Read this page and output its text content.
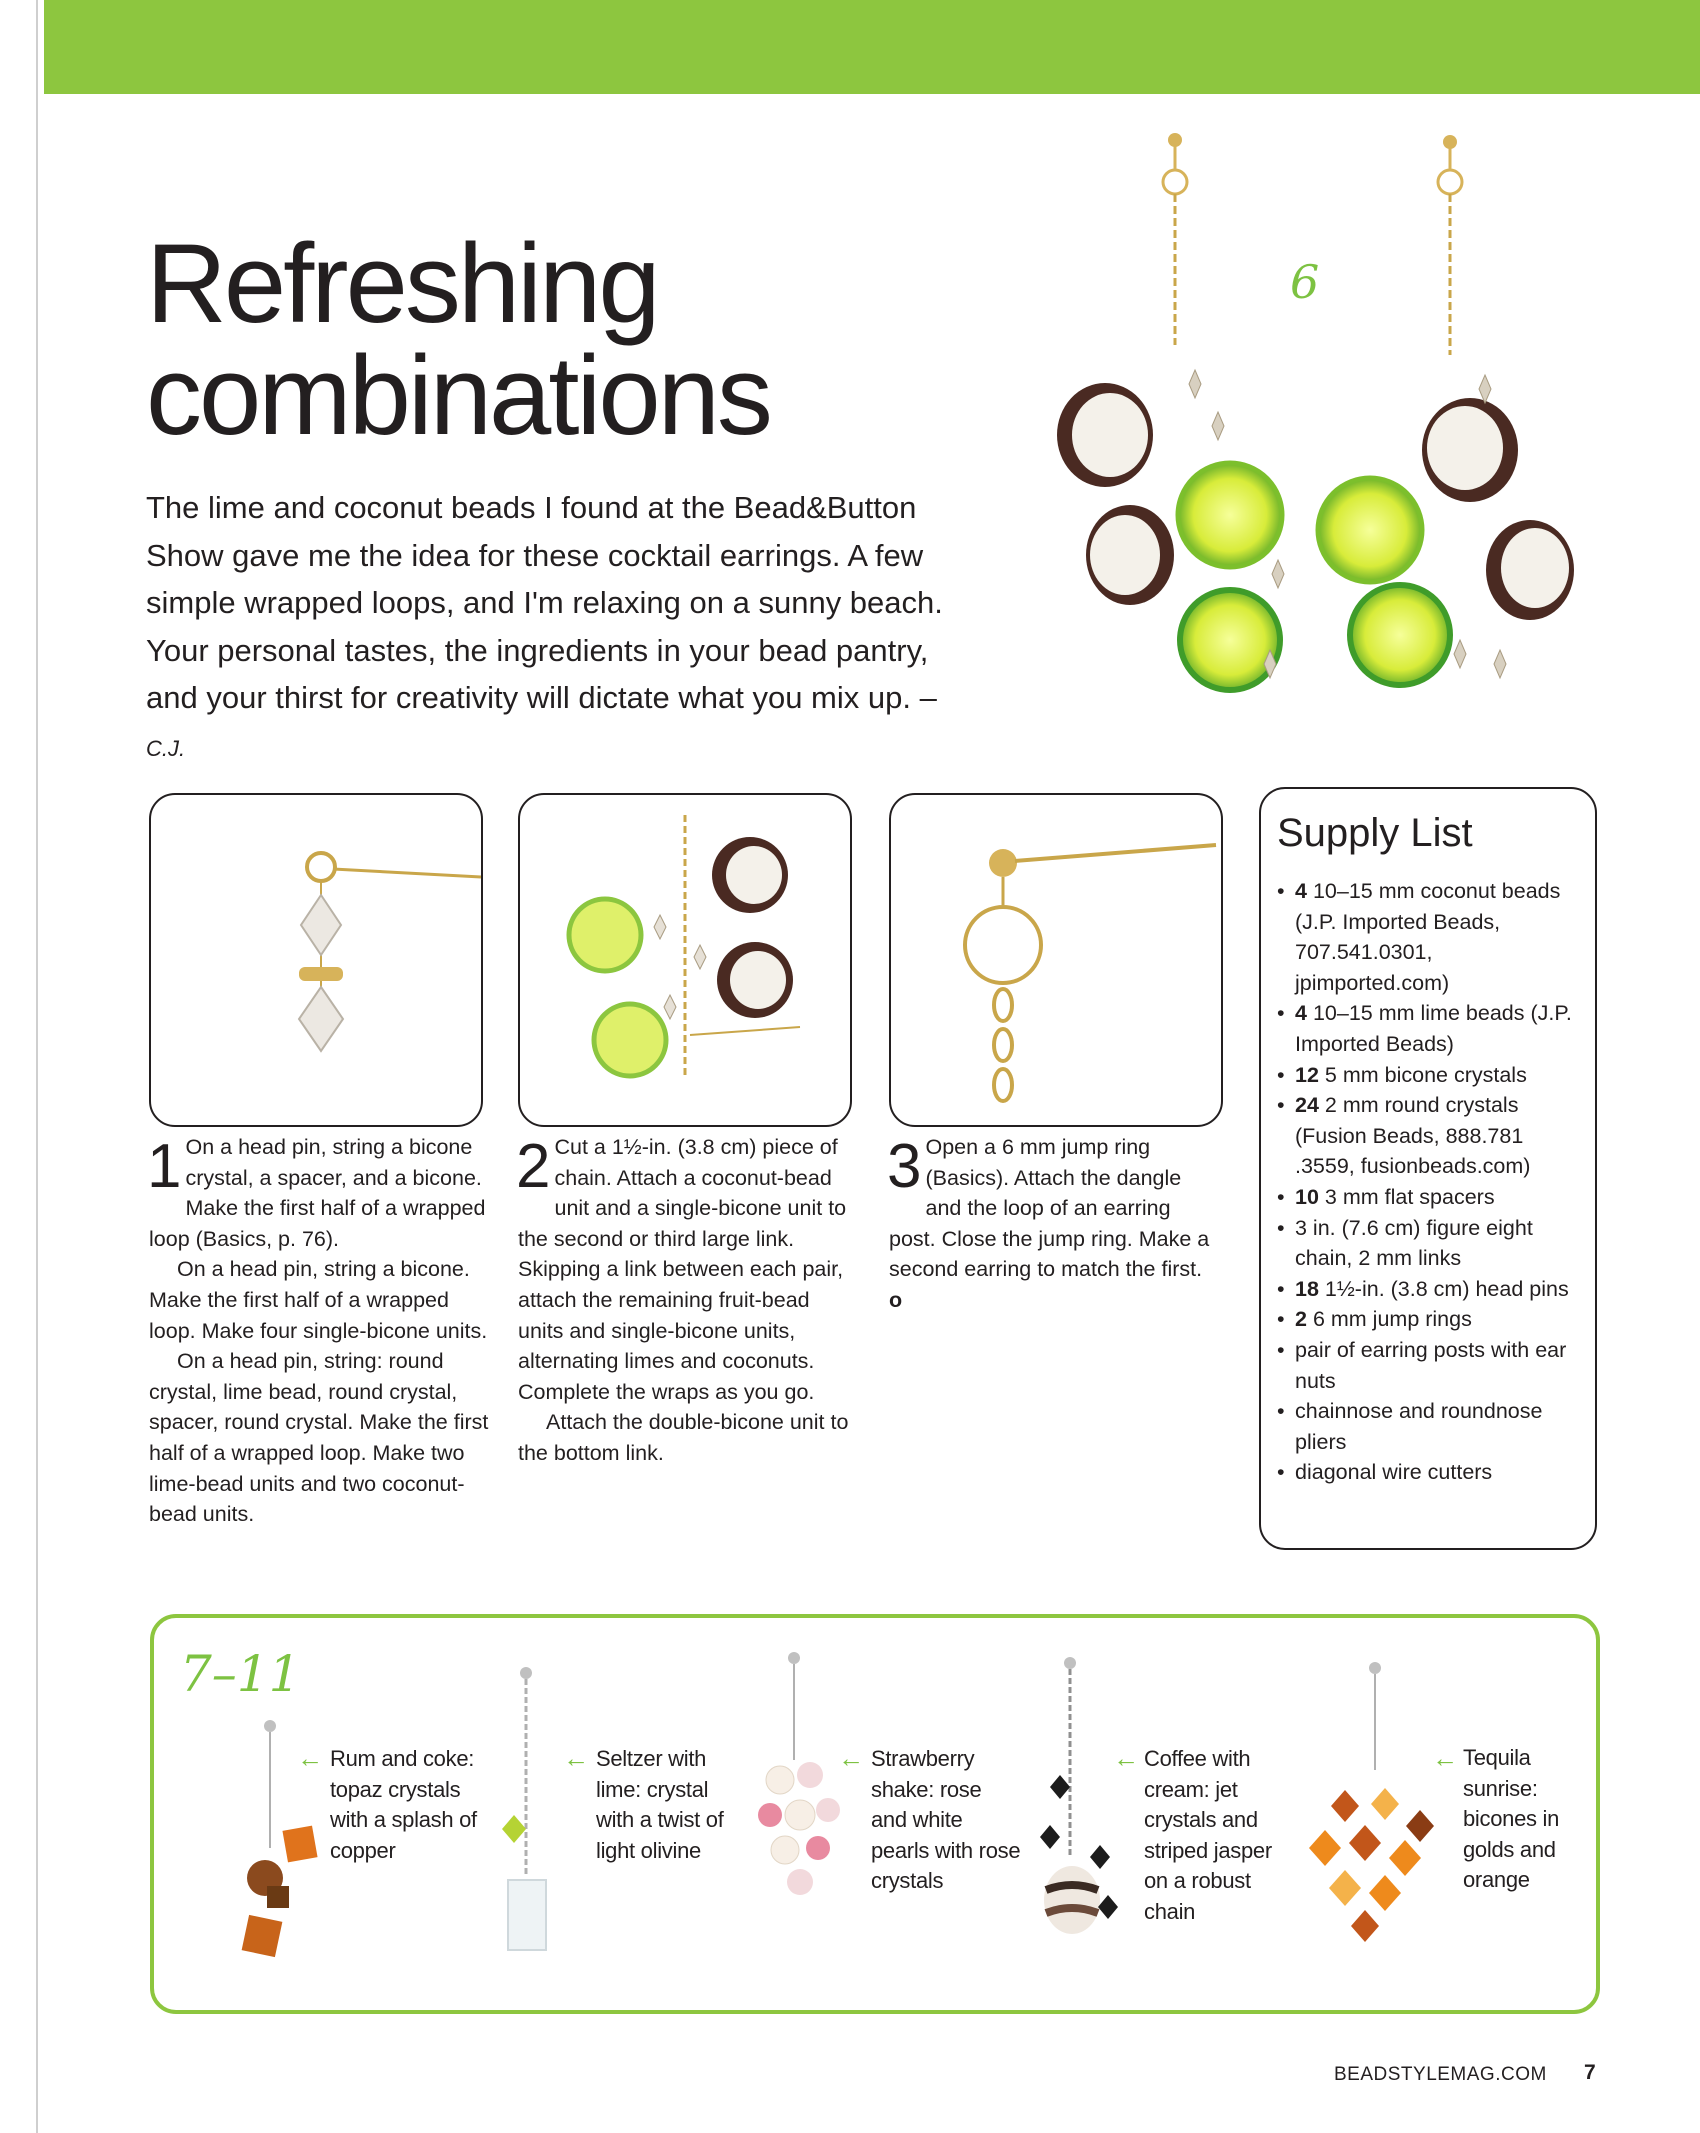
Refreshing
combinations

The lime and coconut beads I found at the Bead&Button Show gave me the idea for these cocktail earrings. A few simple wrapped loops, and I'm relaxing on a sunny beach. Your personal tastes, the ingredients in your bead pantry, and your thirst for creativity will dictate what you mix up. – C.J.

6
1 On a head pin, string a bicone crystal, a spacer, and a bicone. Make the first half of a wrapped loop (Basics, p. 76).

On a head pin, string a bicone. Make the first half of a wrapped loop. Make four single-bicone units.

On a head pin, string: round crystal, lime bead, round crystal, spacer, round crystal. Make the first half of a wrapped loop. Make two lime-bead units and two coconut-bead units.

2 Cut a 1½-in. (3.8 cm) piece of chain. Attach a coconut-bead unit and a single-bicone unit to the second or third large link. Skipping a link between each pair, attach the remaining fruit-bead units and single-bicone units, alternating limes and coconuts. Complete the wraps as you go.

Attach the double-bicone unit to the bottom link.

3 Open a 6 mm jump ring (Basics). Attach the dangle and the loop of an earring post. Close the jump ring. Make a second earring to match the first. o

Supply List
• 4 10–15 mm coconut beads (J.P. Imported Beads, 707.541.0301, jpimported.com)
• 4 10–15 mm lime beads (J.P. Imported Beads)
• 12 5 mm bicone crystals
• 24 2 mm round crystals (Fusion Beads, 888.781 .3559, fusionbeads.com)
• 10 3 mm flat spacers
• 3 in. (7.6 cm) figure eight chain, 2 mm links
• 18 1½-in. (3.8 cm) head pins
• 2 6 mm jump rings
• pair of earring posts with ear nuts
• chainnose and roundnose pliers
• diagonal wire cutters
7–11
← Rum and coke: topaz crystals with a splash of copper

← Seltzer with lime: crystal with a twist of light olivine

← Strawberry shake: rose and white pearls with rose crystals

← Coffee with cream: jet crystals and striped jasper on a robust chain

← Tequila sunrise: bicones in golds and orange

BEADSTYLEMAG.COM 7
